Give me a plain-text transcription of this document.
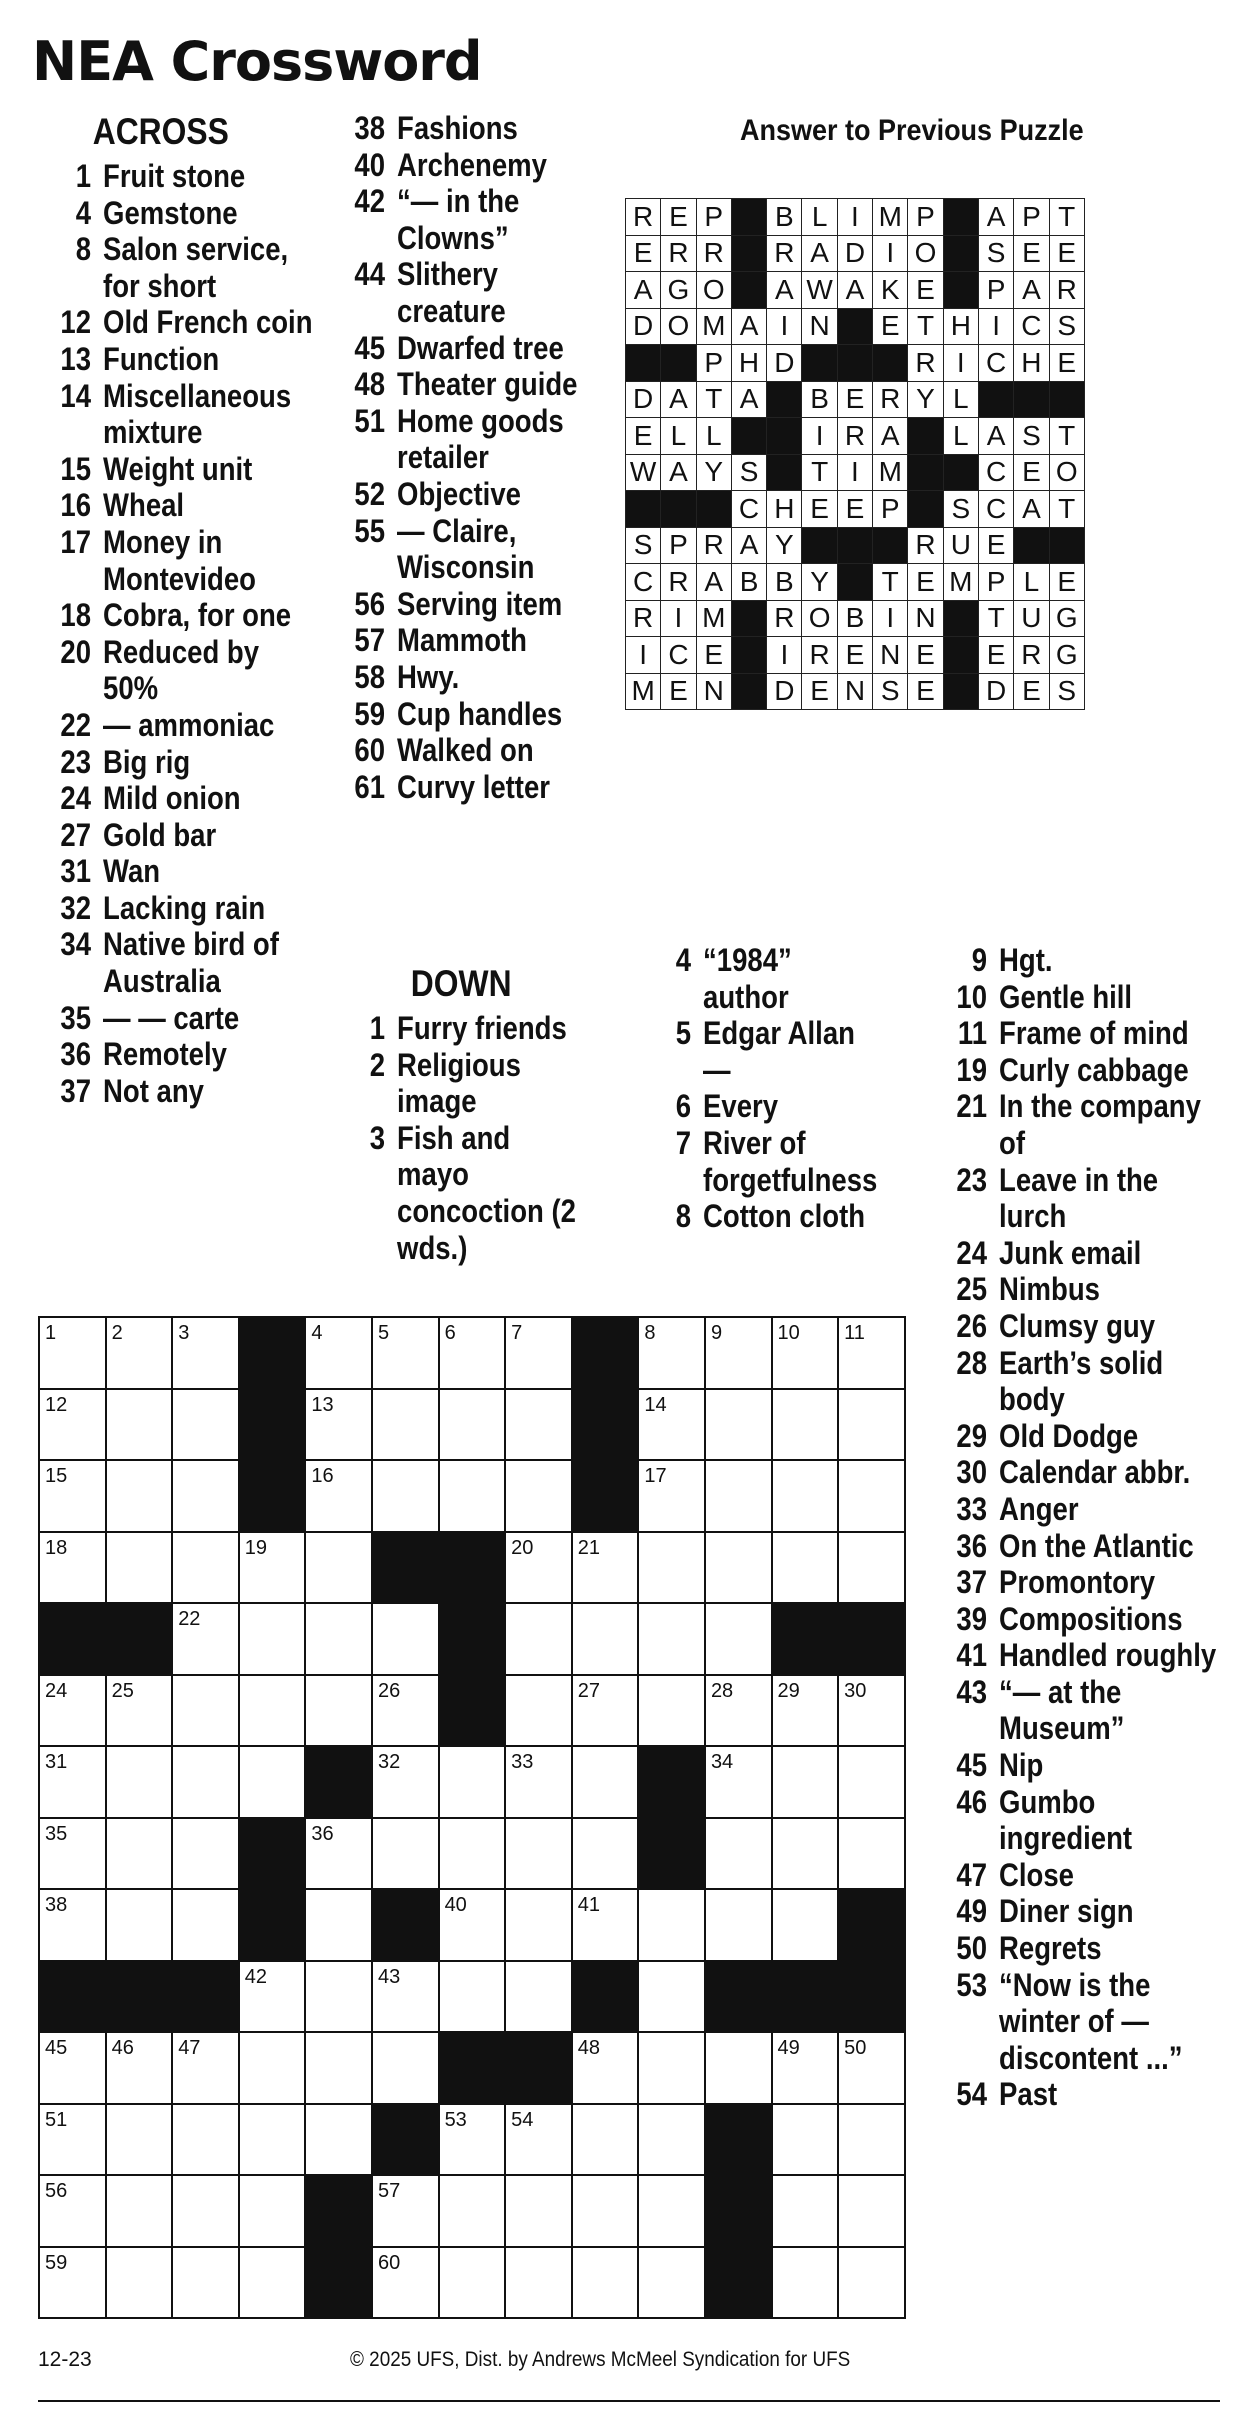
NEA Crossword
ACROSS
1 Fruit stone
4 Gemstone
8 Salon service, for short
12 Old French coin
13 Function
14 Miscellaneous mixture
15 Weight unit
16 Wheal
17 Money in Montevideo
18 Cobra, for one
20 Reduced by 50%
22 — ammoniac
23 Big rig
24 Mild onion
27 Gold bar
31 Wan
32 Lacking rain
34 Native bird of Australia
35 — — carte
36 Remotely
37 Not any
38 Fashions
40 Archenemy
42 “— in the Clowns”
44 Slithery creature
45 Dwarfed tree
48 Theater guide
51 Home goods retailer
52 Objective
55 — Claire, Wisconsin
56 Serving item
57 Mammoth
58 Hwy.
59 Cup handles
60 Walked on
61 Curvy letter
DOWN
1 Furry friends
2 Religious image
3 Fish and mayo concoction (2 wds.)
4 “1984” author
5 Edgar Allan —
6 Every
7 River of forgetfulness
8 Cotton cloth
9 Hgt.
10 Gentle hill
11 Frame of mind
19 Curly cabbage
21 In the company of
23 Leave in the lurch
24 Junk email
25 Nimbus
26 Clumsy guy
28 Earth’s solid body
29 Old Dodge
30 Calendar abbr.
33 Anger
36 On the Atlantic
37 Promontory
39 Compositions
41 Handled roughly
43 “— at the Museum”
45 Nip
46 Gumbo ingredient
47 Close
49 Diner sign
50 Regrets
53 “Now is the winter of — discontent ...”
54 Past
Answer to Previous Puzzle
R	E	P		B	L	I	M	P		A	P	T
E	R	R		R	A	D	I	O		S	E	E
A	G	O		A	W	A	K	E		P	A	R
D	O	M	A	I	N		E	T	H	I	C	S
		P	H	D				R	I	C	H	E
D	A	T	A		B	E	R	Y	L			
E	L	L			I	R	A		L	A	S	T
W	A	Y	S		T	I	M			C	E	O
			C	H	E	E	P		S	C	A	T
S	P	R	A	Y				R	U	E		
C	R	A	B	B	Y		T	E	M	P	L	E
R	I	M		R	O	B	I	N		T	U	G
I	C	E		I	R	E	N	E		E	R	G
M	E	N		D	E	N	S	E		D	E	S
1	2	3		4	5	6	7		8	9	10	11

12				13					14			

15				16					17			

18			19				20	21				

		22										

24	25				26			27		28	29	30

31					32		33			34		

35				36								

38						40		41				

			42		43							

45	46	47						48			49	50

51						53	54					

56					57							

59					60							

12-23	© 2025 UFS, Dist. by Andrews McMeel Syndication for UFS
